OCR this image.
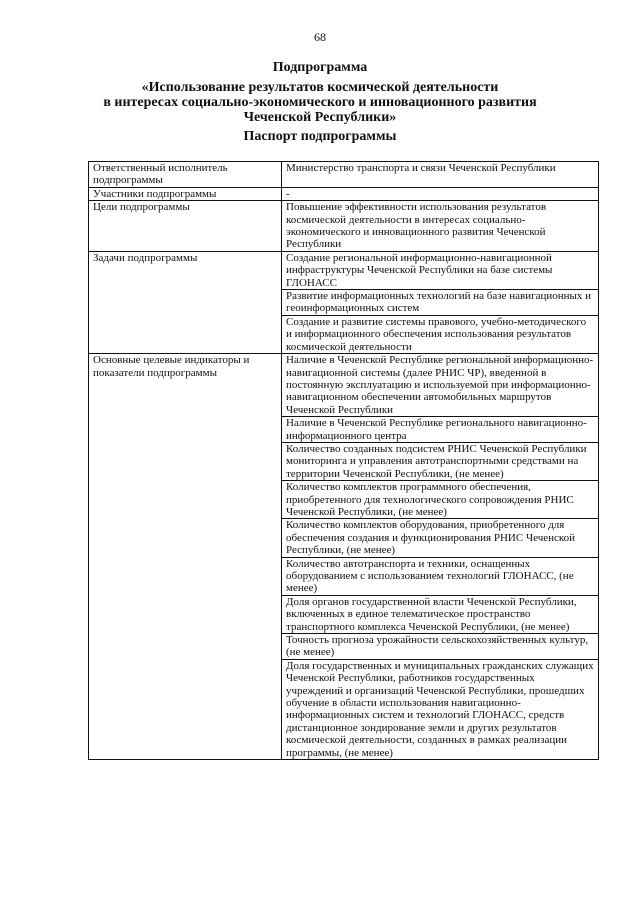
68
Подпрограмма
«Использование результатов космической деятельности
в интересах социально-экономического и инновационного развития
Чеченской Республики»
Паспорт подпрограммы
Ответственный исполнитель подпрограммы	Министерство транспорта и связи Чеченской Республики
Участники подпрограммы	-
Цели подпрограммы	Повышение эффективности использования результатов космической деятельности в интересах социально-экономического и инновационного развития Чеченской Республики
Задачи подпрограммы	Создание региональной информационно-навигационной инфраструктуры Чеченской Республики на базе системы ГЛОНАСС
	Развитие информационных технологий на базе навигационных и геоинформационных систем
	Создание и развитие системы правового, учебно-методического и информационного обеспечения использования результатов космической деятельности
Основные целевые индикаторы и показатели подпрограммы	Наличие в Чеченской Республике региональной информационно-навигационной системы (далее РНИС ЧР), введенной в постоянную эксплуатацию и используемой при информационно-навигационном обеспечении автомобильных маршрутов Чеченской Республики
	Наличие в Чеченской Республике регионального навигационно-информационного центра
	Количество созданных подсистем РНИС Чеченской Республики мониторинга и управления автотранспортными средствами на территории Чеченской Республики, (не менее)
	Количество комплектов программного обеспечения, приобретенного для технологического сопровождения РНИС Чеченской Республики, (не менее)
	Количество комплектов оборудования, приобретенного для обеспечения создания и функционирования РНИС Чеченской Республики, (не менее)
	Количество автотранспорта и техники, оснащенных оборудованием с использованием технологий ГЛОНАСС, (не менее)
	Доля органов государственной власти Чеченской Республики, включенных в единое телематическое пространство транспортного комплекса Чеченской Республики, (не менее)
	Точность прогноза урожайности сельскохозяйственных культур, (не менее)
	Доля государственных и муниципальных гражданских служащих Чеченской Республики, работников государственных учреждений и организаций Чеченской Республики, прошедших обучение в области использования навигационно-информационных систем и технологий ГЛОНАСС, средств дистанционное зондирование земли и других результатов космической деятельности, созданных в рамках реализации программы, (не менее)
